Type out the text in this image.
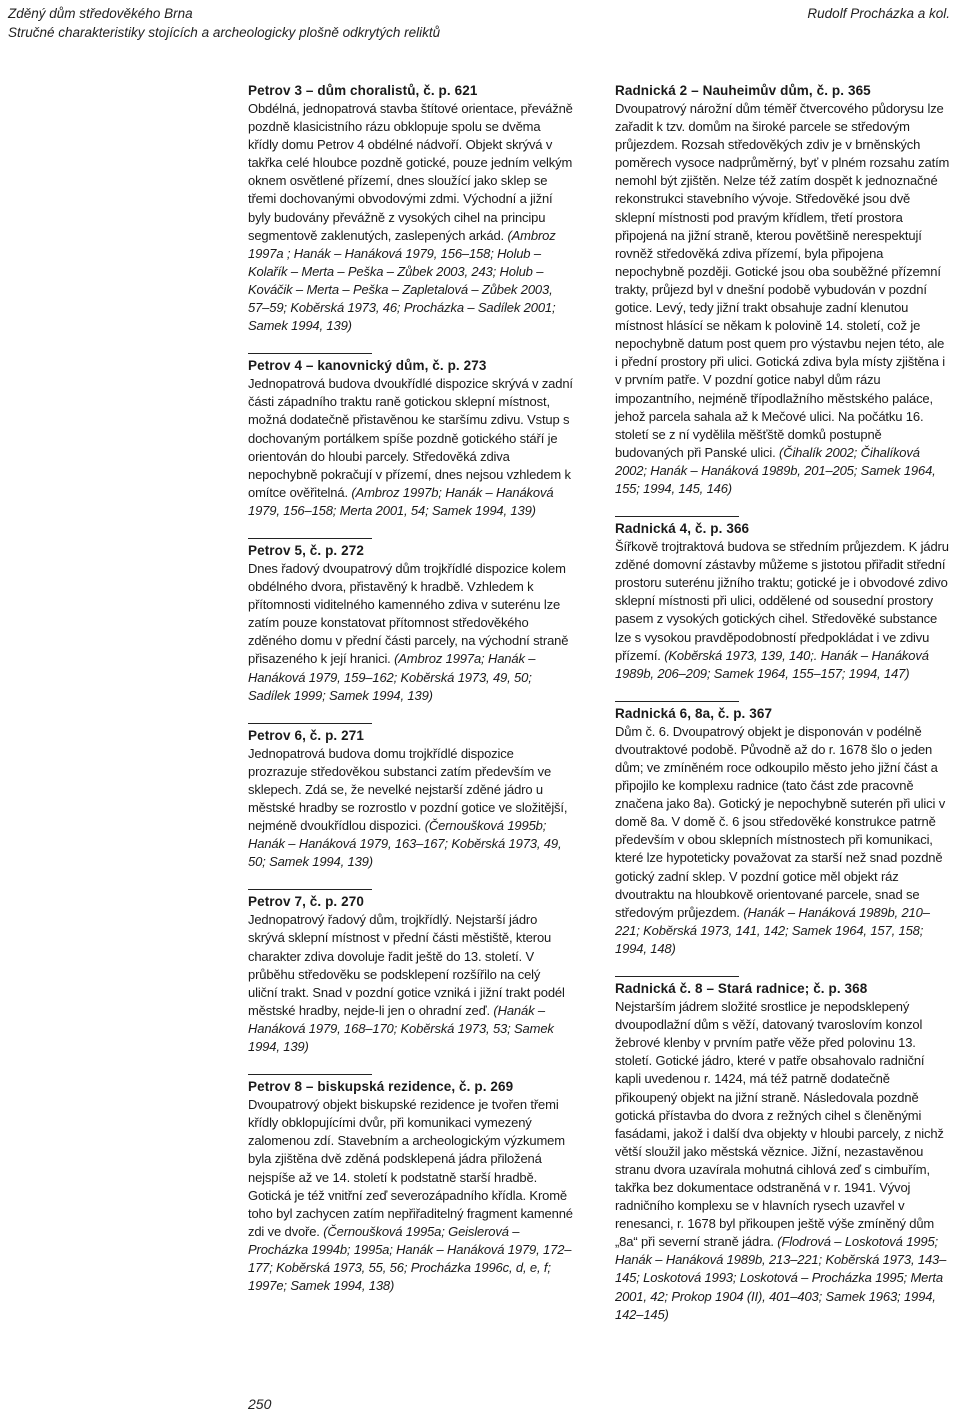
Zděný dům středověkého Brna
Stručné charakteristiky stojících a archeologicky plošně odkrytých reliktů
Rudolf Procházka a kol.
Petrov 3 – dům choralistů, č. p. 621

Obdélná, jednopatrová stavba štítové orientace, převážně pozdně klasicistního rázu obklopuje spolu se dvěma křídly domu Petrov 4 obdélné nádvoří. Objekt skrývá v takřka celé hloubce pozdně gotické, pouze jedním velkým oknem osvětlené přízemí, dnes sloužící jako sklep se třemi dochovanými obvodovými zdmi. Východní a jižní byly budovány převážně z vysokých cihel na principu segmentově zaklenutých, zaslepených arkád. (Ambroz 1997a ; Hanák – Hanáková 1979, 156–158; Holub – Kolařík – Merta – Peška – Zůbek 2003, 243; Holub – Kováčik – Merta – Peška – Zapletalová – Zůbek 2003, 57–59; Kobĕrská 1973, 46; Procházka – Sadílek 2001; Samek 1994, 139)

Petrov 4 – kanovnický dům, č. p. 273

Jednopatrová budova dvoukřídlé dispozice skrývá v zadní části západního traktu raně gotickou sklepní místnost, možná dodatečně přistavěnou ke staršímu zdivu. Vstup s dochovaným portálkem spíše pozdně gotického stáří je orientován do hloubi parcely. Středověká zdiva nepochybně pokračují v přízemí, dnes nejsou vzhledem k omítce ověřitelná. (Ambroz 1997b; Hanák – Hanáková 1979, 156–158; Merta 2001, 54; Samek 1994, 139)

Petrov 5, č. p. 272

Dnes řadový dvoupatrový dům trojkřídlé dispozice kolem obdélného dvora, přistavěný k hradbě. Vzhledem k přítomnosti viditelného kamenného zdiva v suterénu lze zatím pouze konstatovat přítomnost středověkého zděného domu v přední části parcely, na východní straně přisazeného k její hranici. (Ambroz 1997a; Hanák – Hanáková 1979, 159–162; Kobĕrská 1973, 49, 50; Sadílek 1999; Samek 1994, 139)

Petrov 6, č. p. 271

Jednopatrová budova domu trojkřídlé dispozice prozrazuje středověkou substanci zatím především ve sklepech. Zdá se, že nevelké nejstarší zděné jádro u městské hradby se rozrostlo v pozdní gotice ve složitější, nejméně dvoukřídlou dispozici. (Černoušková 1995b; Hanák – Hanáková 1979, 163–167; Kobĕrská 1973, 49, 50; Samek 1994, 139)

Petrov 7, č. p. 270

Jednopatrový řadový dům, trojkřídlý. Nejstarší jádro skrývá sklepní místnost v přední části městiště, kterou charakter zdiva dovoluje řadit ještě do 13. století. V průběhu středověku se podsklepení rozšířilo na celý uliční trakt. Snad v pozdní gotice vzniká i jižní trakt podél městské hradby, nejde-li jen o ohradní zeď. (Hanák – Hanáková 1979, 168–170; Kobĕrská 1973, 53; Samek 1994, 139)

Petrov 8 – biskupská rezidence, č. p. 269

Dvoupatrový objekt biskupské rezidence je tvořen třemi křídly obklopujícími dvůr, při komunikaci vymezený zalomenou zdí. Stavebním a archeologickým výzkumem byla zjištěna dvě zděná podsklepená jádra přiložená nejspíše až ve 14. století k podstatně starší hradbě. Gotická je též vnitřní zeď severozápadního křídla. Kromě toho byl zachycen zatím nepřiřaditelný fragment kamenné zdi ve dvoře. (Černoušková 1995a; Geislerová – Procházka 1994b; 1995a; Hanák – Hanáková 1979, 172–177; Kobĕrská 1973, 55, 56; Procházka 1996c, d, e, f; 1997e; Samek 1994, 138)

Radnická 2 – Nauheimův dům, č. p. 365

Dvoupatrový nárožní dům téměř čtvercového půdorysu lze zařadit k tzv. domům na široké parcele se středovým průjezdem. Rozsah středověkých zdiv je v brněnských poměrech vysoce nadprůměrný, byť v plném rozsahu zatím nemohl být zjištěn. Nelze též zatím dospět k jednoznačné rekonstrukci stavebního vývoje. Středověké jsou dvě sklepní místnosti pod pravým křídlem, třetí prostora připojená na jižní straně, kterou povětšině nerespektují rovněž středověká zdiva přízemí, byla připojena nepochybně později. Gotické jsou oba souběžné přízemní trakty, průjezd byl v dnešní podobě vybudován v pozdní gotice. Levý, tedy jižní trakt obsahuje zadní klenutou místnost hlásící se někam k polovině 14. století, což je nepochybně datum post quem pro výstavbu nejen této, ale i přední prostory při ulici. Gotická zdiva byla místy zjištěna i v prvním patře. V pozdní gotice nabyl dům rázu impozantního, nejméně třípodlažního městského paláce, jehož parcela sahala až k Mečové ulici. Na počátku 16. století se z ní vydělila měšťště domků postupně budovaných při Panské ulici. (Čihalík 2002; Čihalíková 2002; Hanák – Hanáková 1989b, 201–205; Samek 1964, 155; 1994, 145, 146)

Radnická 4, č. p. 366

Šířkově trojtraktová budova se středním průjezdem. K jádru zděné domovní zástavby můžeme s jistotou přiřadit střední prostoru suterénu jižního traktu; gotické je i obvodové zdivo sklepní místnosti při ulici, oddělené od sousední prostory pasem z vysokých gotických cihel. Středověké substance lze s vysokou pravděpodobností předpokládat i ve zdivu přízemí. (Kobĕrská 1973, 139, 140;. Hanák – Hanáková 1989b, 206–209; Samek 1964, 155–157; 1994, 147)

Radnická 6, 8a, č. p. 367

Dům č. 6. Dvoupatrový objekt je disponován v podélně dvoutraktové podobě. Původně až do r. 1678 šlo o jeden dům; ve zmíněném roce odkoupilo město jeho jižní část a připojilo ke komplexu radnice (tato část zde pracovně značena jako 8a). Gotický je nepochybně suterén při ulici v domě 8a. V domě č. 6 jsou středověké konstrukce patrně především v obou sklepních místnostech při komunikaci, které lze hypoteticky považovat za starší než snad pozdně gotický zadní sklep. V pozdní gotice měl objekt ráz dvoutraktu na hloubkově orientované parcele, snad se středovým průjezdem. (Hanák – Hanáková 1989b, 210–221; Kobĕrská 1973, 141, 142; Samek 1964, 157, 158; 1994, 148)

Radnická č. 8 – Stará radnice; č. p. 368

Nejstarším jádrem složité srostlice je nepodsklepený dvoupodlažní dům s věží, datovaný tvaroslovím konzol žebrové klenby v prvním patře věže před polovinu 13. století. Gotické jádro, které v patře obsahovalo radniční kapli uvedenou r. 1424, má též patrně dodatečně přikoupený objekt na jižní straně. Následovala pozdně gotická přístavba do dvora z režných cihel s členěnými fasádami, jakož i další dva objekty v hloubi parcely, z nichž větší sloužil jako městská věznice. Jižní, nezastavěnou stranu dvora uzavírala mohutná cihlová zeď s cimbuřím, takřka bez dokumentace odstraněná v r. 1941. Vývoj radničního komplexu se v hlavních rysech uzavřel v renesanci, r. 1678 byl přikoupen ještě výše zmíněný dům „8a“ při severní straně jádra. (Flodrová – Loskotová 1995; Hanák – Hanáková 1989b, 213–221; Kobĕrská 1973, 143–145; Loskotová 1993; Loskotová – Procházka 1995; Merta 2001, 42; Prokop 1904 (II), 401–403; Samek 1963; 1994, 142–145)

250
